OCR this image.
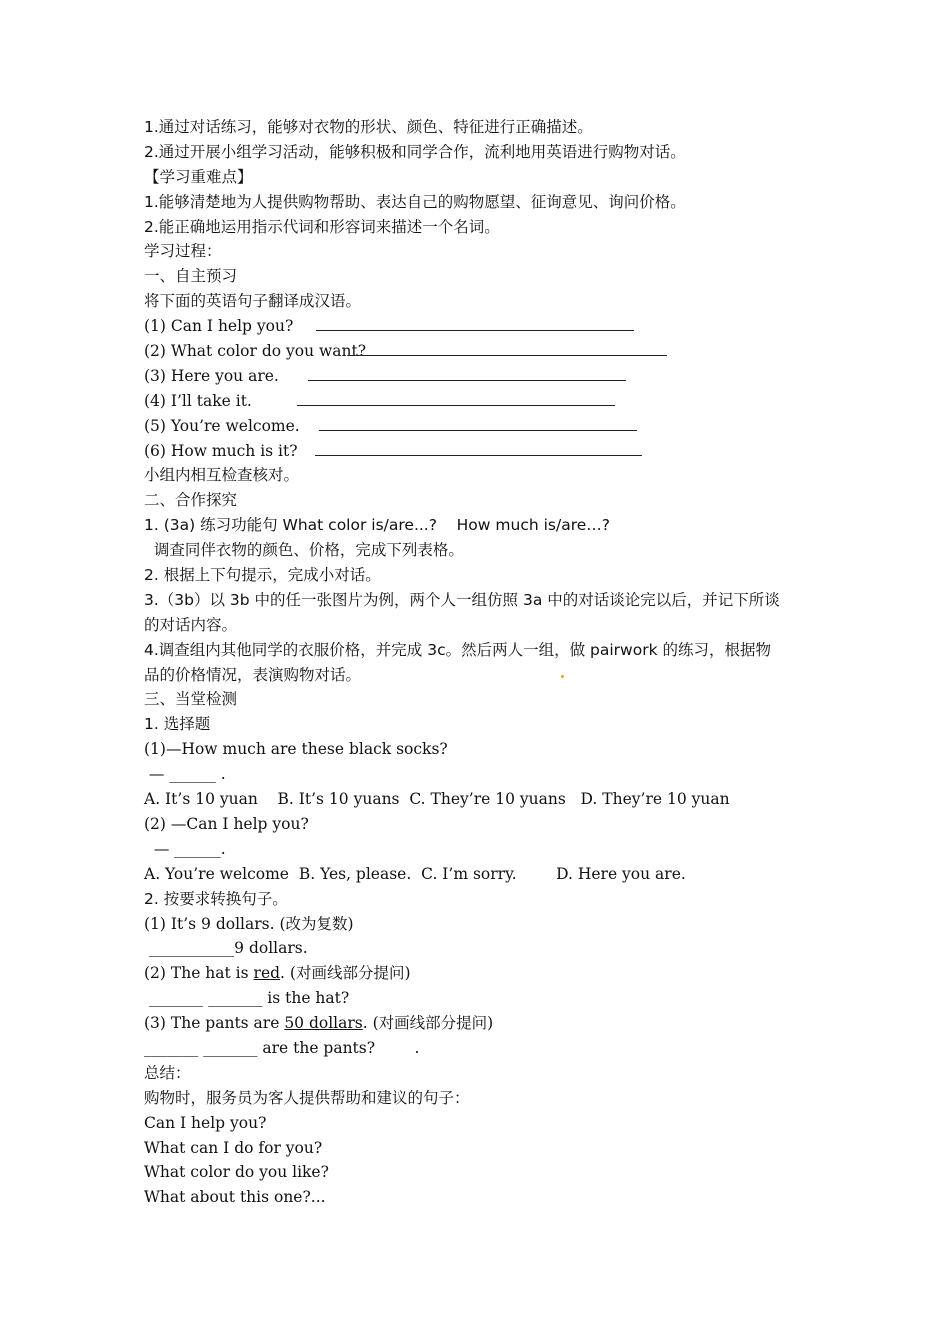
1.通过对话练习，能够对衣物的形状、颜色、特征进行正确描述。
2.通过开展小组学习活动，能够积极和同学合作，流利地用英语进行购物对话。
【学习重难点】
1.能够清楚地为人提供购物帮助、表达自己的购物愿望、征询意见、询问价格。
2.能正确地运用指示代词和形容词来描述一个名词。
学习过程：
一、自主预习
将下面的英语句子翻译成汉语。
(1) Can I help you?
(2) What color do you want?
(3) Here you are.
(4) I’ll take it.
(5) You’re welcome.
(6) How much is it?
小组内相互检查核对。
二、合作探究
1. (3a) 练习功能句 What color is/are...?    How much is/are…?
调查同伴衣物的颜色、价格，完成下列表格。
2. 根据上下句提示，完成小对话。
3.（3b）以 3b 中的任一张图片为例，两个人一组仿照 3a 中的对话谈论完以后，并记下所谈
的对话内容。
4.调查组内其他同学的衣服价格，并完成 3c。然后两人一组，做 pairwork 的练习，根据物
品的价格情况，表演购物对话。
三、当堂检测
1. 选择题
(1)—How much are these black socks?
— ______ .
A. It’s 10 yuan    B. It’s 10 yuans  C. They’re 10 yuans   D. They’re 10 yuan
(2) —Can I help you?
— ______.
A. You’re welcome  B. Yes, please.  C. I’m sorry.        D. Here you are.
2. 按要求转换句子。
(1) It’s 9 dollars. (改为复数)
___________9 dollars.
(2) The hat is red. (对画线部分提问)
_______ _______ is the hat?
(3) The pants are 50 dollars. (对画线部分提问)
_______ _______ are the pants?        .
总结：
购物时，服务员为客人提供帮助和建议的句子：
Can I help you?
What can I do for you?
What color do you like?
What about this one?...
